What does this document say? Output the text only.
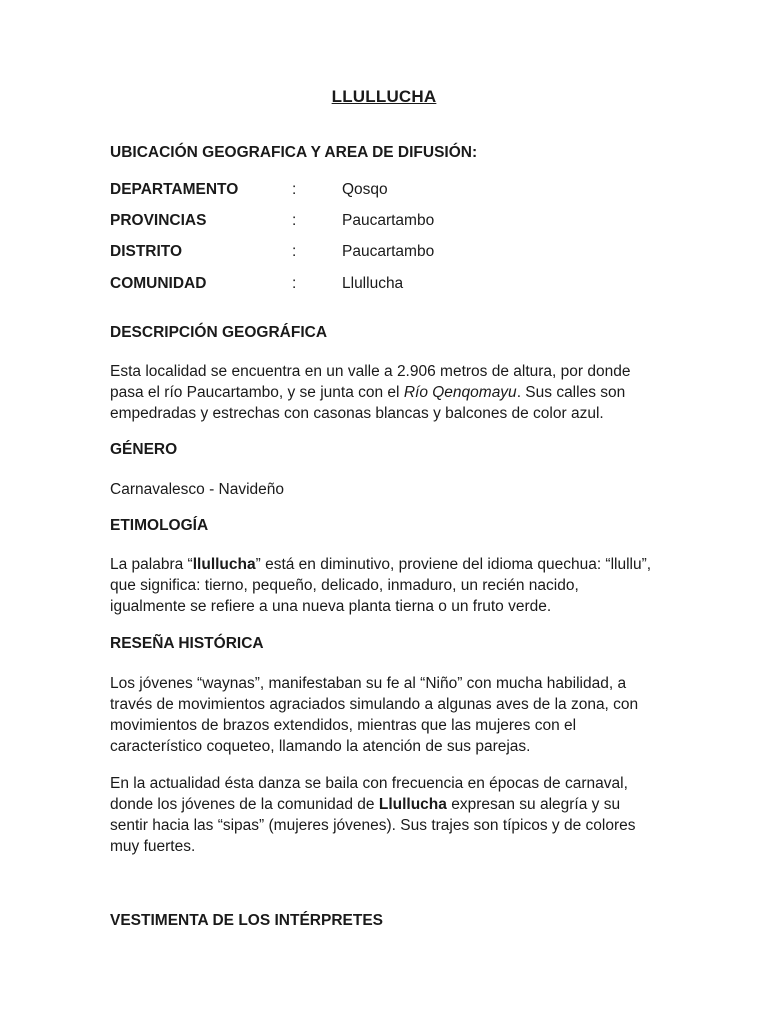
LLULLUCHA
UBICACIÓN GEOGRAFICA Y AREA DE DIFUSIÓN:
DEPARTAMENTO	:	Qosqo
PROVINCIAS	:	Paucartambo
DISTRITO	:	Paucartambo
COMUNIDAD	:	Llullucha
DESCRIPCIÓN GEOGRÁFICA
Esta localidad se encuentra en un valle a 2.906 metros de altura, por donde pasa el río Paucartambo, y se junta con el Río Qenqomayu. Sus calles son empedradas y estrechas con casonas blancas y balcones de color azul.
GÉNERO
Carnavalesco - Navideño
ETIMOLOGÍA
La palabra “llullucha” está en diminutivo, proviene del idioma quechua: “llullu”, que significa: tierno, pequeño, delicado, inmaduro, un recién nacido, igualmente se refiere a una nueva planta tierna o un fruto verde.
RESEÑA HISTÓRICA
Los jóvenes “waynas”, manifestaban su fe al “Niño” con mucha habilidad, a través de movimientos agraciados simulando a algunas aves de la zona, con movimientos de brazos extendidos, mientras que las mujeres con el característico coqueteo, llamando la atención de sus parejas.
En la actualidad ésta danza se baila con frecuencia en épocas de carnaval, donde los jóvenes de la comunidad de Llullucha expresan su alegría y su sentir hacia las “sipas” (mujeres jóvenes). Sus trajes son típicos y de colores muy fuertes.
VESTIMENTA DE LOS INTÉRPRETES
